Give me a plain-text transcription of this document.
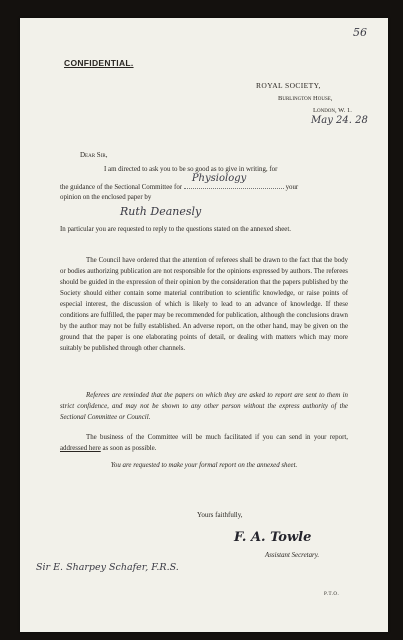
56
CONFIDENTIAL.
ROYAL SOCIETY,
Burlington House,
London, W. 1.
May 24. 28
Dear Sir,
I am directed to ask you to be so good as to give in writing, for
the guidance of the Sectional Committee for
Physiology
your
opinion on the enclosed paper by
Ruth Deanesly
In particular you are requested to reply to the questions stated on the annexed sheet.
The Council have ordered that the attention of referees shall be drawn to the fact that the body or bodies authorizing publication are not responsible for the opinions expressed by authors. The referees should be guided in the expression of their opinion by the consideration that the papers published by the Society should either contain some material contribution to scientific knowledge, or raise points of especial interest, the discussion of which is likely to lead to an advance of knowledge. If these conditions are fulfilled, the paper may be recommended for publication, although the conclusions drawn by the author may not be fully established. An adverse report, on the other hand, may be given on the ground that the paper is one elaborating points of detail, or dealing with matters which may more suitably be published through other channels.
Referees are reminded that the papers on which they are asked to report are sent to them in strict confidence, and may not be shown to any other person without the express authority of the Sectional Committee or Council.
The business of the Committee will be much facilitated if you can send in your report, addressed here as soon as possible.
You are requested to make your formal report on the annexed sheet.
Yours faithfully,
F. A. Towle
Assistant Secretary.
Sir E. Sharpey Schafer, F.R.S.
P.T.O.
